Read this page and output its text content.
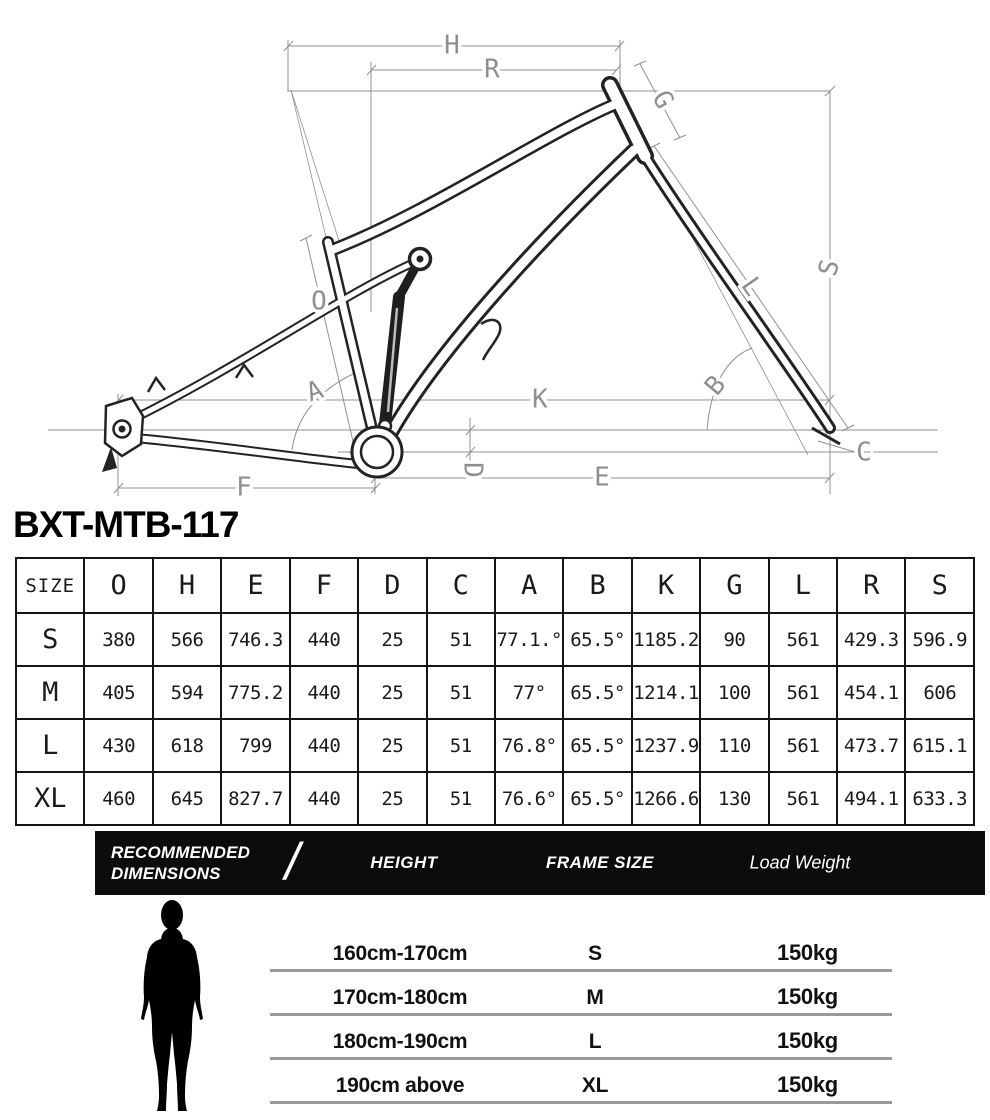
H
R
G
S
L
B
C
K
D	E
F
A
O
BXT-MTB-117
SIZE	O	H	E	F	D	C	A	B	K	G	L	R	S
S	380	566	746.3	440	25	51	77.1.°	65.5°	1185.2	90	561	429.3	596.9
M	405	594	775.2	440	25	51	77°	65.5°	1214.1	100	561	454.1	606
L	430	618	799	440	25	51	76.8°	65.5°	1237.9	110	561	473.7	615.1
XL	460	645	827.7	440	25	51	76.6°	65.5°	1266.6	130	561	494.1	633.3
RECOMMENDED
DIMENSIONS	/	HEIGHT	FRAME SIZE	Load Weight
160cm-170cm	S	150kg
170cm-180cm	M	150kg
180cm-190cm	L	150kg
190cm above	XL	150kg
